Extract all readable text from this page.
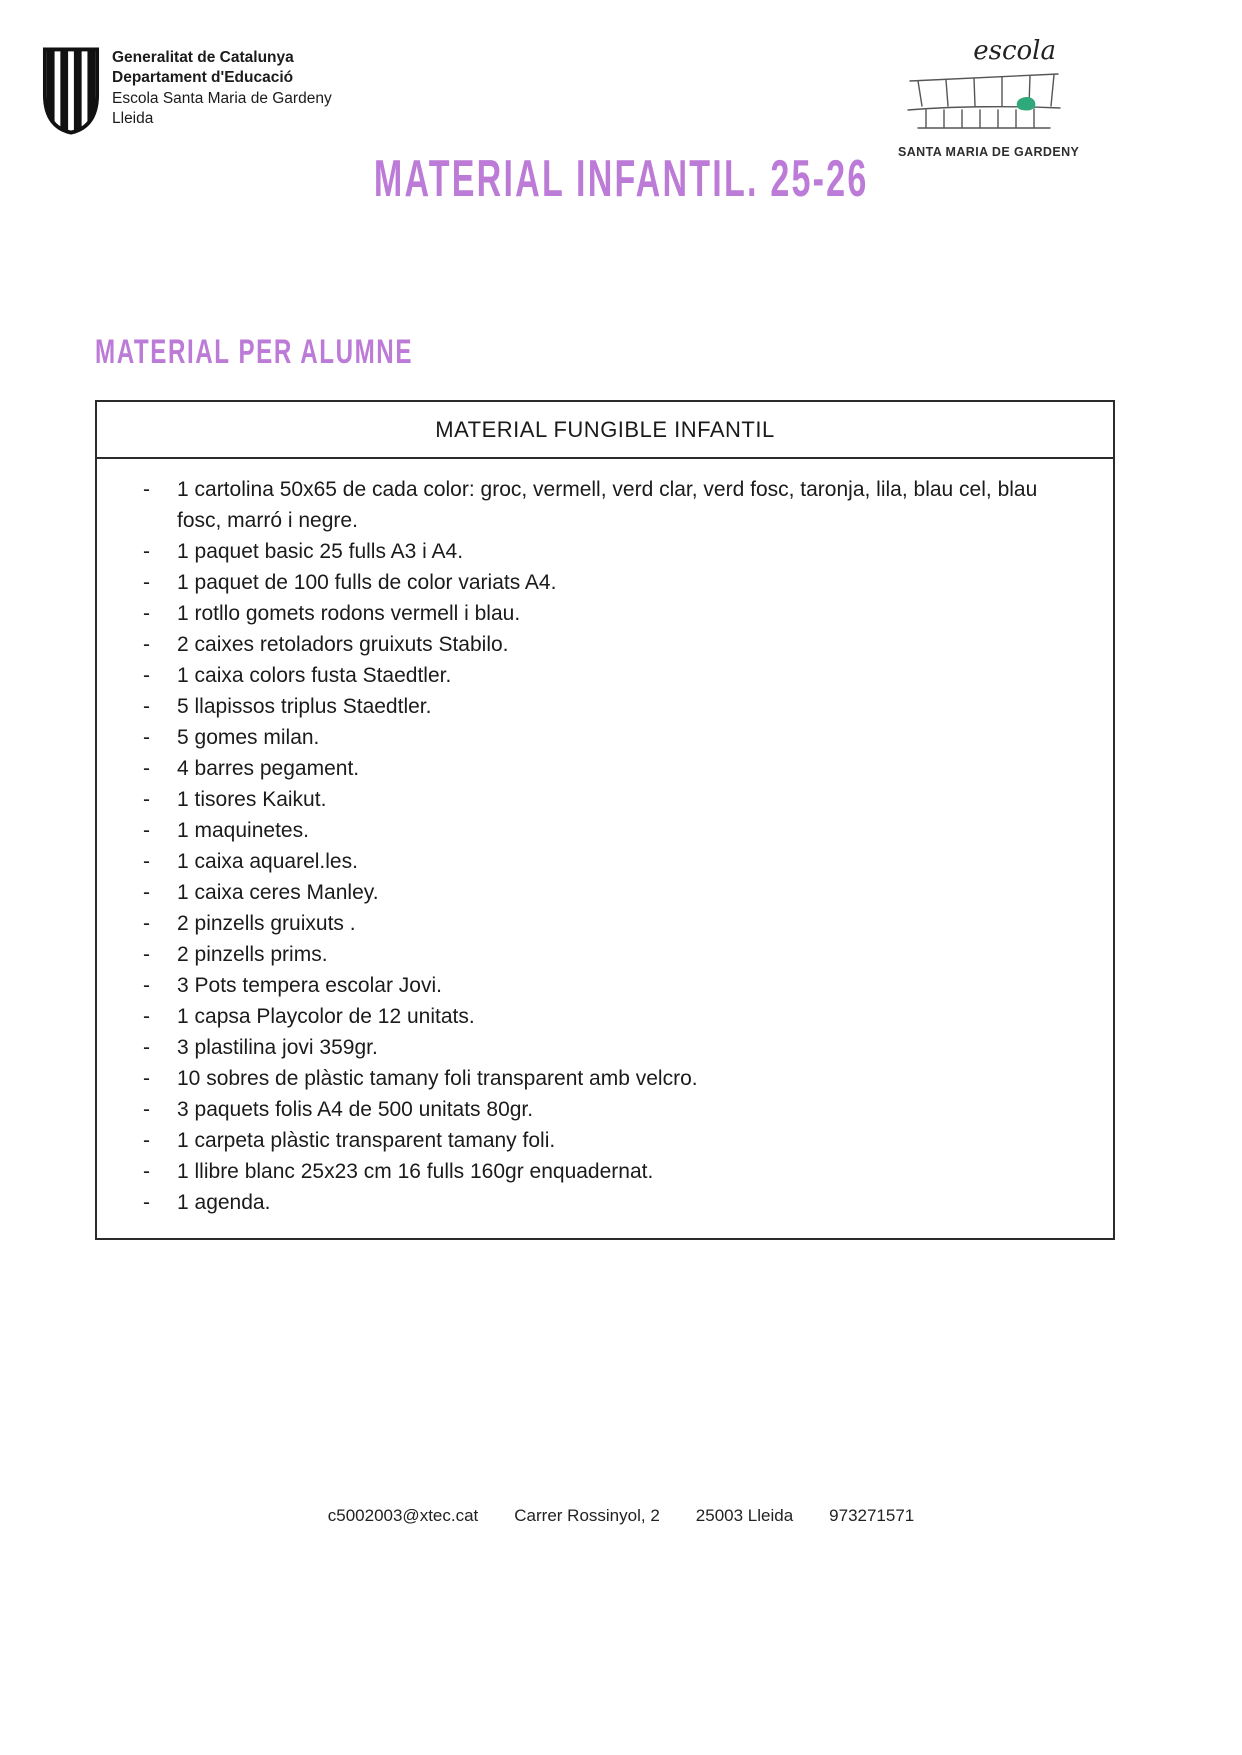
Generalitat de Catalunya
Departament d'Educació
Escola Santa Maria de Gardeny
Lleida
escola
SANTA MARIA DE GARDENY
MATERIAL INFANTIL. 25-26
MATERIAL PER ALUMNE
MATERIAL FUNGIBLE INFANTIL
-	1 cartolina 50x65 de cada color: groc, vermell, verd clar, verd fosc, taronja, lila, blau cel, blau fosc, marró i negre.
-	1 paquet basic 25 fulls A3 i A4.
-	1 paquet de 100 fulls de color variats A4.
-	1 rotllo gomets rodons vermell i blau.
-	2 caixes retoladors gruixuts Stabilo.
-	1 caixa colors fusta Staedtler.
-	5 llapissos triplus Staedtler.
-	5 gomes milan.
-	4 barres pegament.
-	1 tisores Kaikut.
-	1 maquinetes.
-	1 caixa aquarel.les.
-	1 caixa ceres Manley.
-	2 pinzells gruixuts .
-	2 pinzells prims.
-	3 Pots tempera escolar Jovi.
-	1 capsa Playcolor de 12 unitats.
-	3 plastilina jovi 359gr.
-	10 sobres de plàstic tamany foli transparent amb velcro.
-	3 paquets folis A4 de 500 unitats 80gr.
-	1 carpeta plàstic transparent tamany foli.
-	1 llibre blanc 25x23 cm 16 fulls 160gr enquadernat.
-	1 agenda.
c5002003@xtec.cat Carrer Rossinyol, 2 25003 Lleida 973271571
